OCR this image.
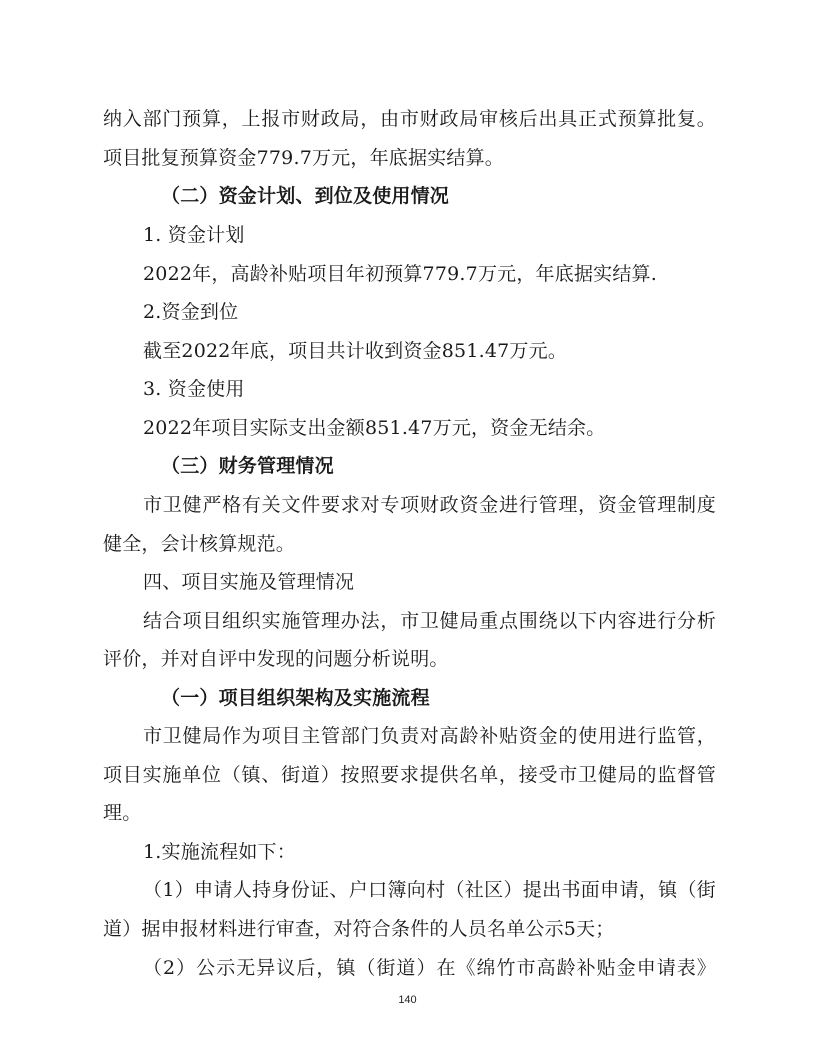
纳入部门预算，上报市财政局，由市财政局审核后出具正式预算批复。
项目批复预算资金779.7万元，年底据实结算。
（二）资金计划、到位及使用情况
1. 资金计划
2022年，高龄补贴项目年初预算779.7万元，年底据实结算.
2.资金到位
截至2022年底，项目共计收到资金851.47万元。
3. 资金使用
2022年项目实际支出金额851.47万元，资金无结余。
（三）财务管理情况
市卫健严格有关文件要求对专项财政资金进行管理，资金管理制度
健全，会计核算规范。
四、项目实施及管理情况
结合项目组织实施管理办法，市卫健局重点围绕以下内容进行分析
评价，并对自评中发现的问题分析说明。
（一）项目组织架构及实施流程
市卫健局作为项目主管部门负责对高龄补贴资金的使用进行监管，
项目实施单位（镇、街道）按照要求提供名单，接受市卫健局的监督管
理。
1.实施流程如下：
（1）申请人持身份证、户口簿向村（社区）提出书面申请，镇（街
道）据申报材料进行审查，对符合条件的人员名单公示5天；
（2）公示无异议后，镇（街道）在《绵竹市高龄补贴金申请表》
140
